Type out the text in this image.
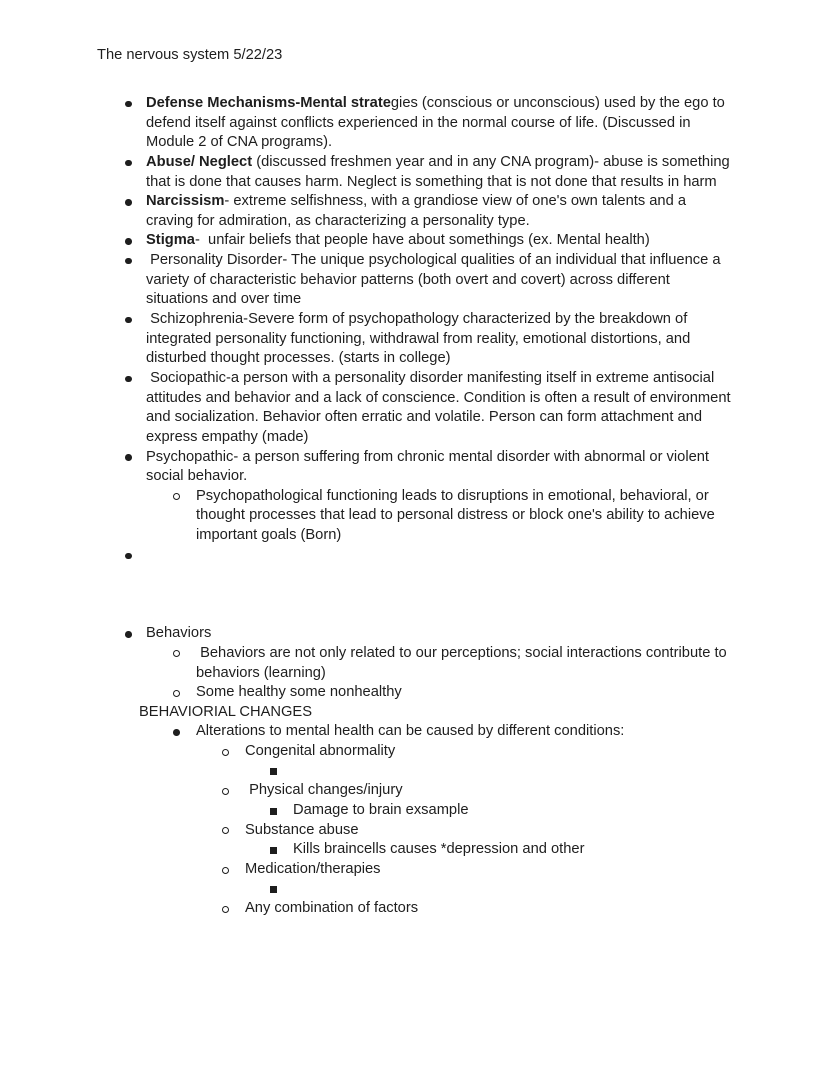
The nervous system 5/22/23
Defense Mechanisms-Mental strategies (conscious or unconscious) used by the ego to defend itself against conflicts experienced in the normal course of life. (Discussed in Module 2 of CNA programs).
Abuse/ Neglect (discussed freshmen year and in any CNA program)- abuse is something that is done that causes harm. Neglect is something that is not done that results in harm
Narcissism- extreme selfishness, with a grandiose view of one's own talents and a craving for admiration, as characterizing a personality type.
Stigma-  unfair beliefs that people have about somethings (ex. Mental health)
Personality Disorder- The unique psychological qualities of an individual that influence a variety of characteristic behavior patterns (both overt and covert) across different situations and over time
Schizophrenia-Severe form of psychopathology characterized by the breakdown of integrated personality functioning, withdrawal from reality, emotional distortions, and disturbed thought processes. (starts in college)
Sociopathic-a person with a personality disorder manifesting itself in extreme antisocial attitudes and behavior and a lack of conscience. Condition is often a result of environment and socialization. Behavior often erratic and volatile. Person can form attachment and express empathy (made)
Psychopathic- a person suffering from chronic mental disorder with abnormal or violent social behavior.
Psychopathological functioning leads to disruptions in emotional, behavioral, or thought processes that lead to personal distress or block one's ability to achieve important goals (Born)
Behaviors
Behaviors are not only related to our perceptions; social interactions contribute to behaviors (learning)
Some healthy some nonhealthy
BEHAVIORIAL CHANGES
Alterations to mental health can be caused by different conditions:
Congenital abnormality
Physical changes/injury
Damage to brain exsample
Substance abuse
Kills braincells causes *depression and other
Medication/therapies
Any combination of factors
